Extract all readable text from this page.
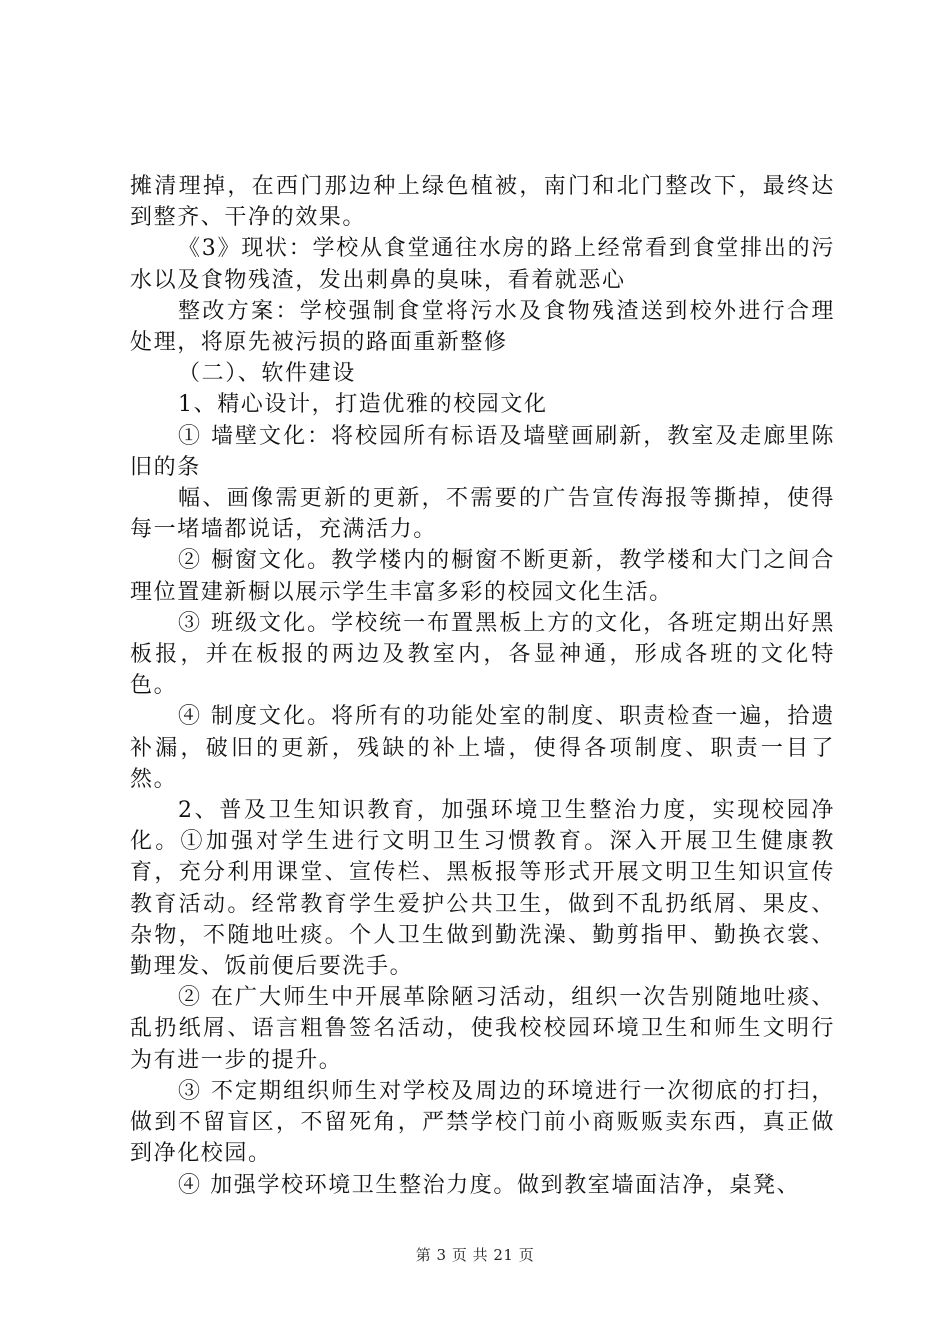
摊清理掉，在西门那边种上绿色植被，南门和北门整改下，最终达到整齐、干净的效果。

《3》现状：学校从食堂通往水房的路上经常看到食堂排出的污水以及食物残渣，发出刺鼻的臭味，看着就恶心

整改方案：学校强制食堂将污水及食物残渣送到校外进行合理处理，将原先被污损的路面重新整修

（二）、软件建设

1、精心设计，打造优雅的校园文化

① 墙壁文化：将校园所有标语及墙壁画刷新，教室及走廊里陈旧的条

幅、画像需更新的更新，不需要的广告宣传海报等撕掉，使得每一堵墙都说话，充满活力。

② 橱窗文化。教学楼内的橱窗不断更新，教学楼和大门之间合理位置建新橱以展示学生丰富多彩的校园文化生活。

③ 班级文化。学校统一布置黑板上方的文化，各班定期出好黑板报，并在板报的两边及教室内，各显神通，形成各班的文化特色。

④ 制度文化。将所有的功能处室的制度、职责检查一遍，拾遗补漏，破旧的更新，残缺的补上墙，使得各项制度、职责一目了然。

2、普及卫生知识教育，加强环境卫生整治力度，实现校园净化。①加强对学生进行文明卫生习惯教育。深入开展卫生健康教育，充分利用课堂、宣传栏、黑板报等形式开展文明卫生知识宣传教育活动。经常教育学生爱护公共卫生，做到不乱扔纸屑、果皮、杂物，不随地吐痰。个人卫生做到勤洗澡、勤剪指甲、勤换衣裳、勤理发、饭前便后要洗手。

② 在广大师生中开展革除陋习活动，组织一次告别随地吐痰、乱扔纸屑、语言粗鲁签名活动，使我校校园环境卫生和师生文明行为有进一步的提升。

③ 不定期组织师生对学校及周边的环境进行一次彻底的打扫，做到不留盲区，不留死角，严禁学校门前小商贩贩卖东西，真正做到净化校园。

④ 加强学校环境卫生整治力度。做到教室墙面洁净，桌凳、

第 3 页 共 21 页
